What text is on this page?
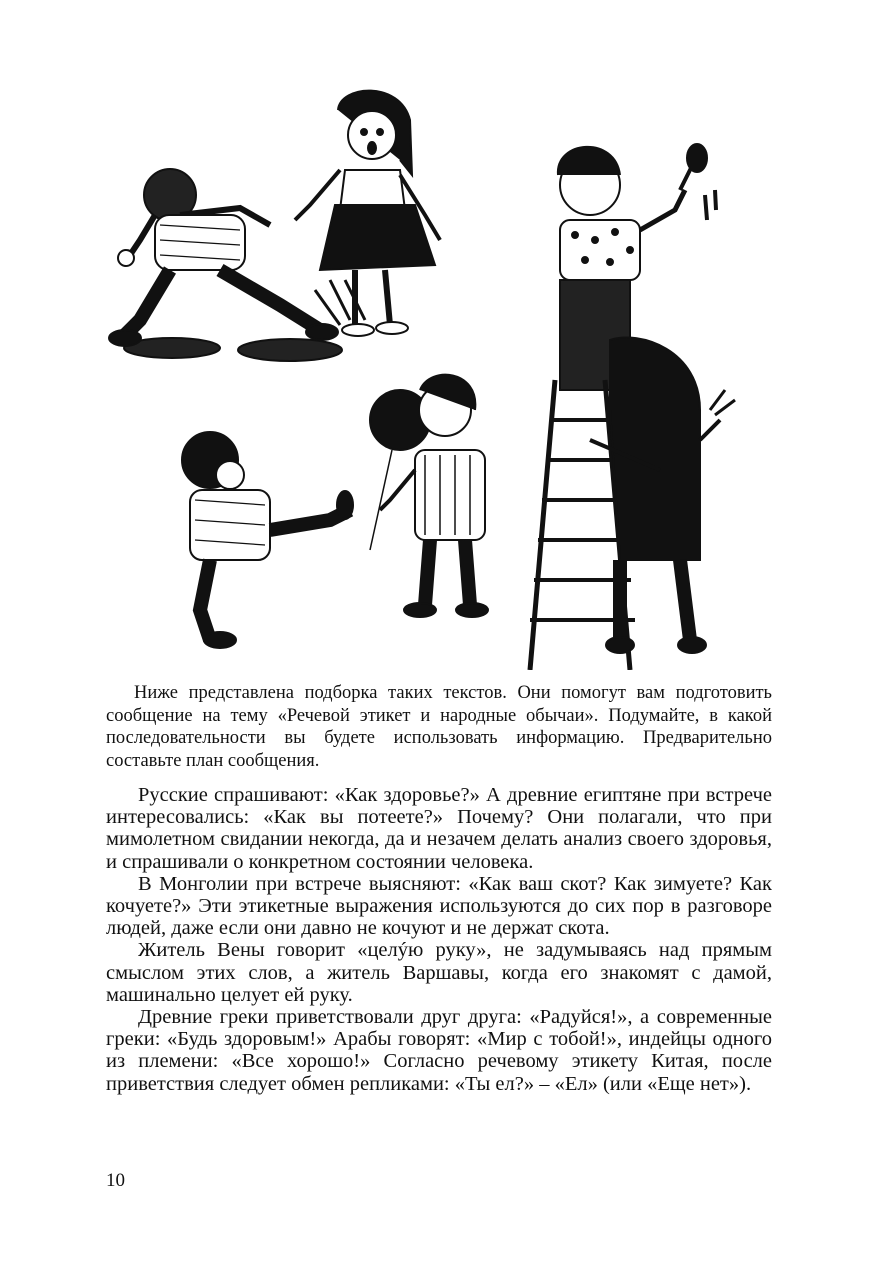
Ниже представлена подборка таких текстов. Они помогут вам подготовить сообщение на тему «Речевой этикет и народные обычаи». Подумайте, в какой последовательности вы будете использовать информацию. Предварительно составьте план сообщения.

Русские спрашивают: «Как здоровье?» А древние египтяне при встрече интересовались: «Как вы потеете?» Почему? Они полагали, что при мимолетном свидании некогда, да и незачем делать анализ своего здоровья, и спрашивали о конкретном состоянии человека.

В Монголии при встрече выясняют: «Как ваш скот? Как зимуете? Как кочуете?» Эти этикетные выражения используются до сих пор в разговоре людей, даже если они давно не кочуют и не держат скота.

Житель Вены говорит «целýю руку», не задумываясь над прямым смыслом этих слов, а житель Варшавы, когда его знакомят с дамой, машинально целует ей руку.

Древние греки приветствовали друг друга: «Радуйся!», а современные греки: «Будь здоровым!» Арабы говорят: «Мир с тобой!», индейцы одного из племени: «Все хорошо!» Согласно речевому этикету Китая, после приветствия следует обмен репликами: «Ты ел?» – «Ел» (или «Еще нет»).

10
